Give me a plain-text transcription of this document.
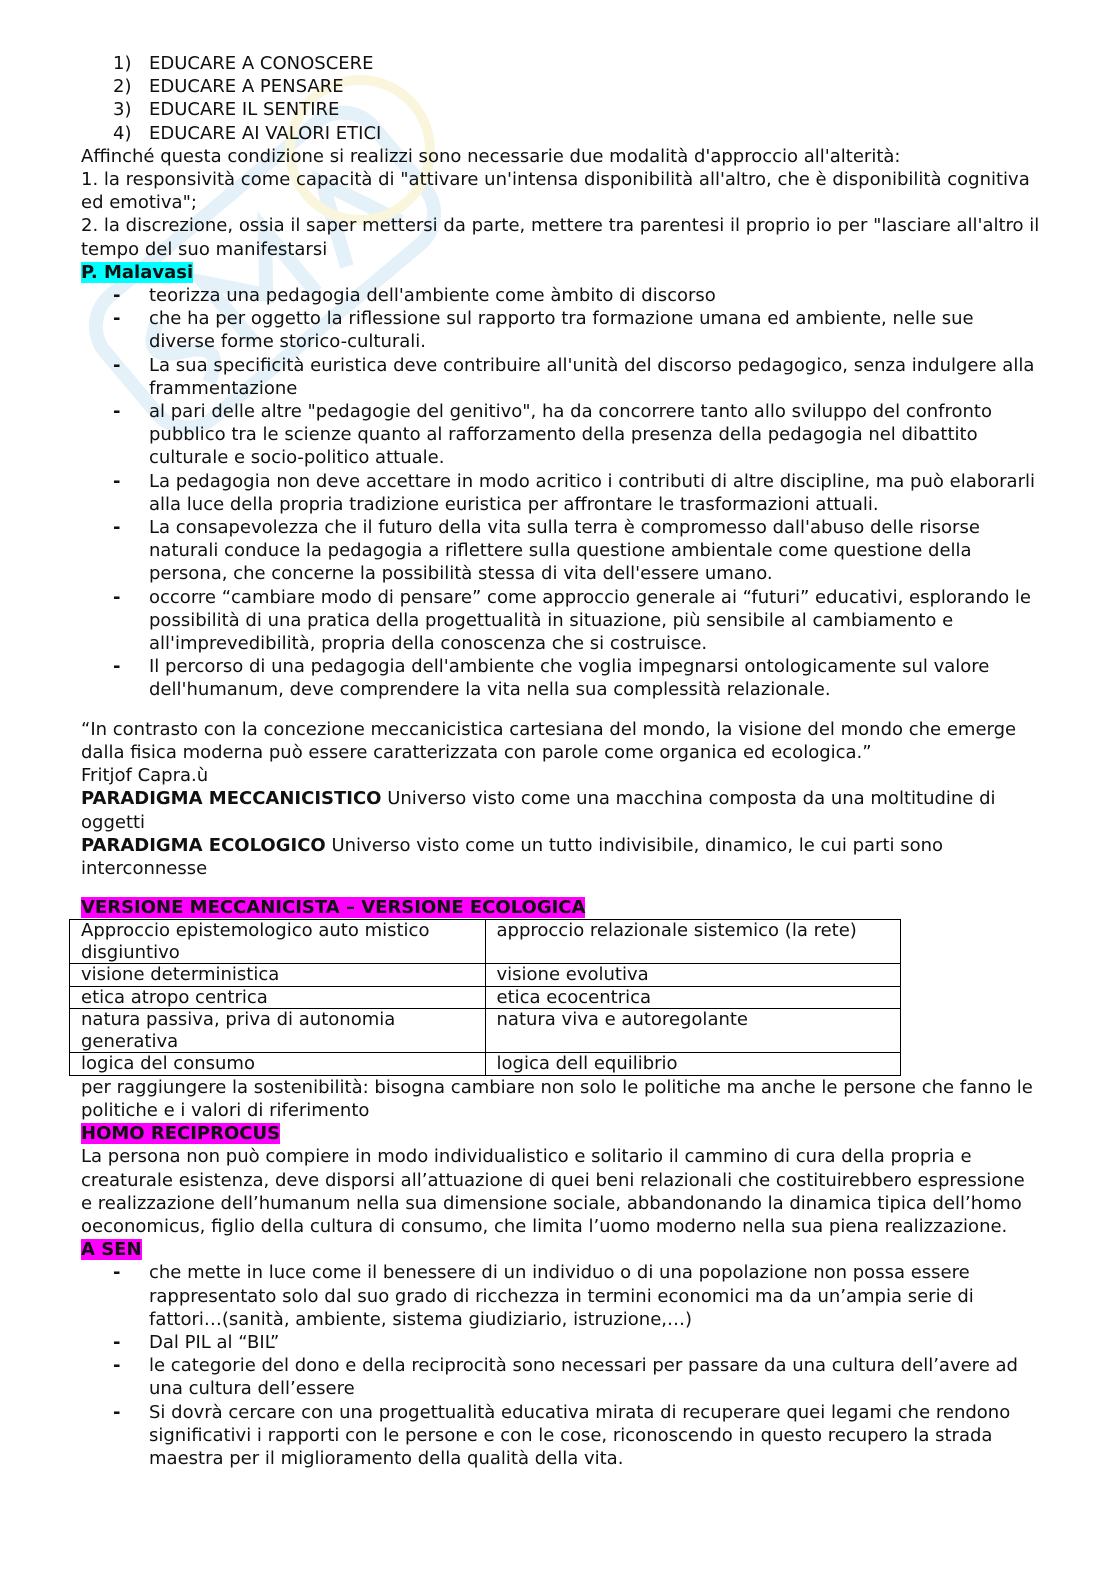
1) EDUCARE A CONOSCERE
2) EDUCARE A PENSARE
3) EDUCARE IL SENTIRE
4) EDUCARE AI VALORI ETICI

Affinché questa condizione si realizzi sono necessarie due modalità d'approccio all'alterità:

1. la responsività come capacità di "attivare un'intensa disponibilità all'altro, che è disponibilità cognitiva ed emotiva";

2. la discrezione, ossia il saper mettersi da parte, mettere tra parentesi il proprio io per "lasciare all'altro il tempo del suo manifestarsi

P. Malavasi

- teorizza una pedagogia dell'ambiente come àmbito di discorso
- che ha per oggetto la riflessione sul rapporto tra formazione umana ed ambiente, nelle sue diverse forme storico-culturali.
- La sua specificità euristica deve contribuire all'unità del discorso pedagogico, senza indulgere alla frammentazione
- al pari delle altre "pedagogie del genitivo", ha da concorrere tanto allo sviluppo del confronto pubblico tra le scienze quanto al rafforzamento della presenza della pedagogia nel dibattito culturale e socio-politico attuale.
- La pedagogia non deve accettare in modo acritico i contributi di altre discipline, ma può elaborarli alla luce della propria tradizione euristica per affrontare le trasformazioni attuali.
- La consapevolezza che il futuro della vita sulla terra è compromesso dall'abuso delle risorse naturali conduce la pedagogia a riflettere sulla questione ambientale come questione della persona, che concerne la possibilità stessa di vita dell'essere umano.
- occorre “cambiare modo di pensare” come approccio generale ai “futuri” educativi, esplorando le possibilità di una pratica della progettualità in situazione, più sensibile al cambiamento e all'imprevedibilità, propria della conoscenza che si costruisce.
- Il percorso di una pedagogia dell'ambiente che voglia impegnarsi ontologicamente sul valore dell'humanum, deve comprendere la vita nella sua complessità relazionale.

“In contrasto con la concezione meccanicistica cartesiana del mondo, la visione del mondo che emerge dalla fisica moderna può essere caratterizzata con parole come organica ed ecologica.”

Fritjof Capra.ù

PARADIGMA MECCANICISTICO Universo visto come una macchina composta da una moltitudine di oggetti

PARADIGMA ECOLOGICO Universo visto come un tutto indivisibile, dinamico, le cui parti sono interconnesse

VERSIONE MECCANICISTA – VERSIONE ECOLOGICA

Approccio epistemologico auto mistico disgiuntivo	approccio relazionale sistemico (la rete)
visione deterministica	visione evolutiva
etica atropo centrica	etica ecocentrica
natura passiva, priva di autonomia generativa	natura viva e autoregolante
logica del consumo	logica dell equilibrio

per raggiungere la sostenibilità: bisogna cambiare non solo le politiche ma anche le persone che fanno le politiche e i valori di riferimento

HOMO RECIPROCUS

La persona non può compiere in modo individualistico e solitario il cammino di cura della propria e creaturale esistenza, deve disporsi all’attuazione di quei beni relazionali che costituirebbero espressione e realizzazione dell’humanum nella sua dimensione sociale, abbandonando la dinamica tipica dell’homo oeconomicus, figlio della cultura di consumo, che limita l’uomo moderno nella sua piena realizzazione.

A SEN

- che mette in luce come il benessere di un individuo o di una popolazione non possa essere rappresentato solo dal suo grado di ricchezza in termini economici ma da un’ampia serie di fattori…(sanità, ambiente, sistema giudiziario, istruzione,…)
- Dal PIL al “BIL”
- le categorie del dono e della reciprocità sono necessari per passare da una cultura dell’avere ad una cultura dell’essere
- Si dovrà cercare con una progettualità educativa mirata di recuperare quei legami che rendono significativi i rapporti con le persone e con le cose, riconoscendo in questo recupero la strada maestra per il miglioramento della qualità della vita.
